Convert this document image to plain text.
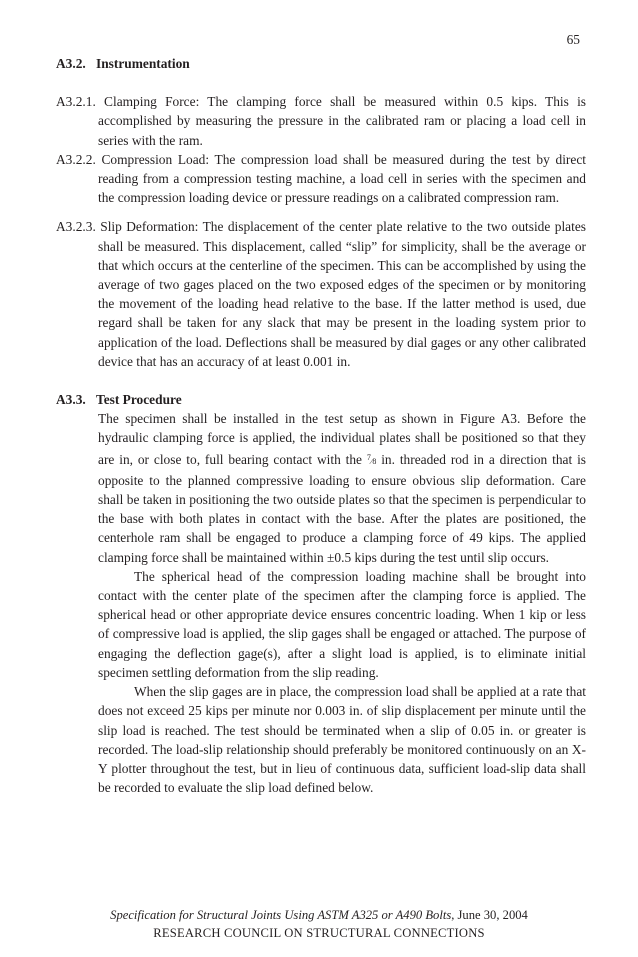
65
A3.2. Instrumentation

A3.2.1. Clamping Force: The clamping force shall be measured within 0.5 kips. This is accomplished by measuring the pressure in the calibrated ram or placing a load cell in series with the ram.

A3.2.2. Compression Load: The compression load shall be measured during the test by direct reading from a compression testing machine, a load cell in series with the specimen and the compression loading device or pressure readings on a calibrated compression ram.

A3.2.3. Slip Deformation: The displacement of the center plate relative to the two outside plates shall be measured. This displacement, called “slip” for simplicity, shall be the average or that which occurs at the centerline of the specimen. This can be accomplished by using the average of two gages placed on the two exposed edges of the specimen or by monitoring the movement of the loading head relative to the base. If the latter method is used, due regard shall be taken for any slack that may be present in the loading system prior to application of the load. Deflections shall be measured by dial gages or any other calibrated device that has an accuracy of at least 0.001 in.

A3.3. Test Procedure

The specimen shall be installed in the test setup as shown in Figure A3. Before the hydraulic clamping force is applied, the individual plates shall be positioned so that they are in, or close to, full bearing contact with the $^7$⁄8 in. threaded rod in a direction that is opposite to the planned compressive loading to ensure obvious slip deformation. Care shall be taken in positioning the two outside plates so that the specimen is perpendicular to the base with both plates in contact with the base. After the plates are positioned, the centerhole ram shall be engaged to produce a clamping force of 49 kips. The applied clamping force shall be maintained within ±0.5 kips during the test until slip occurs.

The spherical head of the compression loading machine shall be brought into contact with the center plate of the specimen after the clamping force is applied. The spherical head or other appropriate device ensures concentric loading. When 1 kip or less of compressive load is applied, the slip gages shall be engaged or attached. The purpose of engaging the deflection gage(s), after a slight load is applied, is to eliminate initial specimen settling deformation from the slip reading.

When the slip gages are in place, the compression load shall be applied at a rate that does not exceed 25 kips per minute nor 0.003 in. of slip displacement per minute until the slip load is reached. The test should be terminated when a slip of 0.05 in. or greater is recorded. The load-slip relationship should preferably be monitored continuously on an X-Y plotter throughout the test, but in lieu of continuous data, sufficient load-slip data shall be recorded to evaluate the slip load defined below.

Specification for Structural Joints Using ASTM A325 or A490 Bolts, June 30, 2004
RESEARCH COUNCIL ON STRUCTURAL CONNECTIONS
